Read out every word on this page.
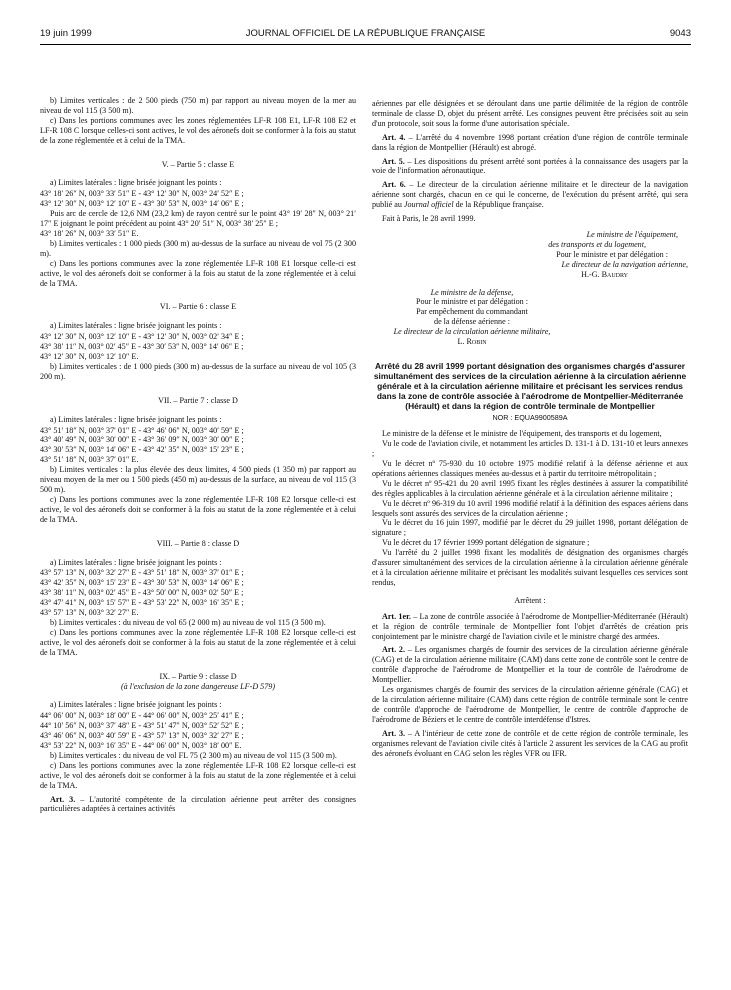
19 juin 1999	JOURNAL OFFICIEL DE LA RÉPUBLIQUE FRANÇAISE	9043

b) Limites verticales : de 2 500 pieds (750 m) par rapport au niveau moyen de la mer au niveau de vol 115 (3 500 m).

c) Dans les portions communes avec les zones réglementées LF-R 108 E1, LF-R 108 E2 et LF-R 108 C lorsque celles-ci sont actives, le vol des aéronefs doit se conformer à la fois au statut de la zone réglementée et à celui de la TMA.

V. – Partie 5 : classe E

a) Limites latérales : ligne brisée joignant les points :

43° 18′ 26″ N, 003° 33′ 51″ E - 43° 12′ 30″ N, 003° 24′ 52″ E ;

43° 12′ 30″ N, 003° 12′ 10″ E - 43° 30′ 53″ N, 003° 14′ 06″ E ;

Puis arc de cercle de 12,6 NM (23,2 km) de rayon centré sur le point 43° 19′ 28″ N, 003° 21′ 17″ E joignant le point précédent au point 43° 20′ 51″ N, 003° 38′ 25″ E ;

43° 18′ 26″ N, 003° 33′ 51″ E.

b) Limites verticales : 1 000 pieds (300 m) au-dessus de la surface au niveau de vol 75 (2 300 m).

c) Dans les portions communes avec la zone réglementée LF-R 108 E1 lorsque celle-ci est active, le vol des aéronefs doit se conformer à la fois au statut de la zone réglementée et à celui de la TMA.

VI. – Partie 6 : classe E

a) Limites latérales : ligne brisée joignant les points :

43° 12′ 30″ N, 003° 12′ 10″ E - 43° 12′ 30″ N, 003° 02′ 34″ E ;

43° 38′ 11″ N, 003° 02′ 45″ E - 43° 30′ 53″ N, 003° 14′ 06″ E ;

43° 12′ 30″ N, 003° 12′ 10″ E.

b) Limites verticales : de 1 000 pieds (300 m) au-dessus de la surface au niveau de vol 105 (3 200 m).

VII. – Partie 7 : classe D

a) Limites latérales : ligne brisée joignant les points :

43° 51′ 18″ N, 003° 37′ 01″ E - 43° 46′ 06″ N, 003° 40′ 59″ E ;

43° 40′ 49″ N, 003° 30′ 00″ E - 43° 36′ 09″ N, 003° 30′ 00″ E ;

43° 30′ 53″ N, 003° 14′ 06″ E - 43° 42′ 35″ N, 003° 15′ 23″ E ;

43° 51′ 18″ N, 003° 37′ 01″ E.

b) Limites verticales : la plus élevée des deux limites, 4 500 pieds (1 350 m) par rapport au niveau moyen de la mer ou 1 500 pieds (450 m) au-dessus de la surface, au niveau de vol 115 (3 500 m).

c) Dans les portions communes avec la zone réglementée LF-R 108 E2 lorsque celle-ci est active, le vol des aéronefs doit se conformer à la fois au statut de la zone réglementée et à celui de la TMA.

VIII. – Partie 8 : classe D

a) Limites latérales : ligne brisée joignant les points :

43° 57′ 13″ N, 003° 32′ 27″ E - 43° 51′ 18″ N, 003° 37′ 01″ E ;

43° 42′ 35″ N, 003° 15′ 23″ E - 43° 30′ 53″ N, 003° 14′ 06″ E ;

43° 38′ 11″ N, 003° 02′ 45″ E - 43° 50′ 00″ N, 003° 02′ 50″ E ;

43° 47′ 41″ N, 003° 15′ 57″ E - 43° 53′ 22″ N, 003° 16′ 35″ E ;

43° 57′ 13″ N, 003° 32′ 27″ E.

b) Limites verticales : du niveau de vol 65 (2 000 m) au niveau de vol 115 (3 500 m).

c) Dans les portions communes avec la zone réglementée LF-R 108 E2 lorsque celle-ci est active, le vol des aéronefs doit se conformer à la fois au statut de la zone réglementée et à celui de la TMA.

IX. – Partie 9 : classe D

(à l'exclusion de la zone dangereuse LF-D 579)

a) Limites latérales : ligne brisée joignant les points :

44° 06′ 00″ N, 003° 18′ 00″ E - 44° 06′ 00″ N, 003° 25′ 41″ E ;

44° 10′ 56″ N, 003° 37′ 48″ E - 43° 51′ 47″ N, 003° 52′ 52″ E ;

43° 46′ 06″ N, 003° 40′ 59″ E - 43° 57′ 13″ N, 003° 32′ 27″ E ;

43° 53′ 22″ N, 003° 16′ 35″ E - 44° 06′ 00″ N, 003° 18′ 00″ E.

b) Limites verticales : du niveau de vol FL 75 (2 300 m) au niveau de vol 115 (3 500 m).

c) Dans les portions communes avec la zone réglementée LF-R 108 E2 lorsque celle-ci est active, le vol des aéronefs doit se conformer à la fois au statut de la zone réglementée et à celui de la TMA.

Art. 3. – L'autorité compétente de la circulation aérienne peut arrêter des consignes particulières adaptées à certaines activités

aériennes par elle désignées et se déroulant dans une partie délimitée de la région de contrôle terminale de classe D, objet du présent arrêté. Les consignes peuvent être précisées soit au sein d'un protocole, soit sous la forme d'une autorisation spéciale.

Art. 4. – L'arrêté du 4 novembre 1998 portant création d'une région de contrôle terminale dans la région de Montpellier (Hérault) est abrogé.

Art. 5. – Les dispositions du présent arrêté sont portées à la connaissance des usagers par la voie de l'information aéronautique.

Art. 6. – Le directeur de la circulation aérienne militaire et le directeur de la navigation aérienne sont chargés, chacun en ce qui le concerne, de l'exécution du présent arrêté, qui sera publié au Journal officiel de la République française.

Fait à Paris, le 28 avril 1999.

Le ministre de l'équipement,

des transports et du logement,

Pour le ministre et par délégation :

Le directeur de la navigation aérienne,

H.-G. Baudry

Le ministre de la défense,

Pour le ministre et par délégation :

Par empêchement du commandant

de la défense aérienne :

Le directeur de la circulation aérienne militaire,

L. Robin

Arrêté du 28 avril 1999 portant désignation des organismes chargés d'assurer simultanément des services de la circulation aérienne à la circulation aérienne générale et à la circulation aérienne militaire et précisant les services rendus dans la zone de contrôle associée à l'aérodrome de Montpellier-Méditerranée (Hérault) et dans la région de contrôle terminale de Montpellier

NOR : EQUA9900589A

Le ministre de la défense et le ministre de l'équipement, des transports et du logement,

Vu le code de l'aviation civile, et notamment les articles D. 131-1 à D. 131-10 et leurs annexes ;

Vu le décret nº 75-930 du 10 octobre 1975 modifié relatif à la défense aérienne et aux opérations aériennes classiques menées au-dessus et à partir du territoire métropolitain ;

Vu le décret nº 95-421 du 20 avril 1995 fixant les règles destinées à assurer la compatibilité des règles applicables à la circulation aérienne générale et à la circulation aérienne militaire ;

Vu le décret nº 96-319 du 10 avril 1996 modifié relatif à la définition des espaces aériens dans lesquels sont assurés des services de la circulation aérienne ;

Vu le décret du 16 juin 1997, modifié par le décret du 29 juillet 1998, portant délégation de signature ;

Vu le décret du 17 février 1999 portant délégation de signature ;

Vu l'arrêté du 2 juillet 1998 fixant les modalités de désignation des organismes chargés d'assurer simultanément des services de la circulation aérienne à la circulation aérienne générale et à la circulation aérienne militaire et précisant les modalités suivant lesquelles ces services sont rendus,

Arrêtent :

Art. 1er. – La zone de contrôle associée à l'aérodrome de Montpellier-Méditerranée (Hérault) et la région de contrôle terminale de Montpellier font l'objet d'arrêtés de création pris conjointement par le ministre chargé de l'aviation civile et le ministre chargé des armées.

Art. 2. – Les organismes chargés de fournir des services de la circulation aérienne générale (CAG) et de la circulation aérienne militaire (CAM) dans cette zone de contrôle sont le centre de contrôle d'approche de l'aérodrome de Montpellier et la tour de contrôle de l'aérodrome de Montpellier.

Les organismes chargés de fournir des services de la circulation aérienne générale (CAG) et de la circulation aérienne militaire (CAM) dans cette région de contrôle terminale sont le centre de contrôle d'approche de l'aérodrome de Montpellier, le centre de contrôle d'approche de l'aérodrome de Béziers et le centre de contrôle interdéfense d'Istres.

Art. 3. – A l'intérieur de cette zone de contrôle et de cette région de contrôle terminale, les organismes relevant de l'aviation civile cités à l'article 2 assurent les services de la CAG au profit des aéronefs évoluant en CAG selon les règles VFR ou IFR.
